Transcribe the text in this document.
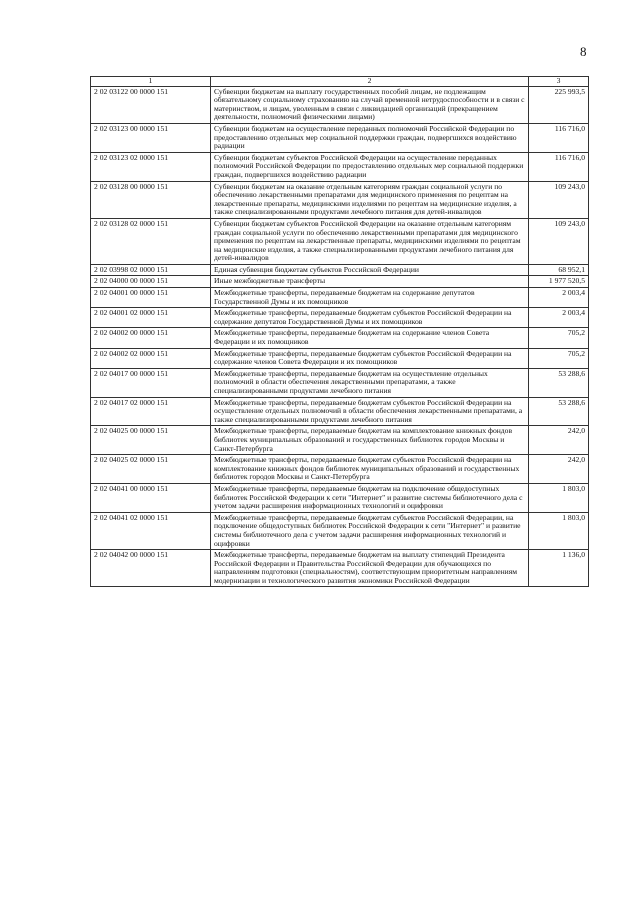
8
1	2	3
2 02 03122 00 0000 151	Субвенции бюджетам на выплату государственных пособий лицам, не подлежащим обязательному социальному страхованию на случай временной нетрудоспособности и в связи с материнством, и лицам, уволенным в связи с ликвидацией организаций (прекращением деятельности, полномочий физическими лицами)	225 993,5
2 02 03123 00 0000 151	Субвенции бюджетам на осуществление переданных полномочий Российской Федерации по предоставлению отдельных мер социальной поддержки граждан, подвергшихся воздействию радиации	116 716,0
2 02 03123 02 0000 151	Субвенции бюджетам субъектов Российской Федерации на осуществление переданных полномочий Российской Федерации по предоставлению отдельных мер социальной поддержки граждан, подвергшихся воздействию радиации	116 716,0
2 02 03128 00 0000 151	Субвенции бюджетам на оказание отдельным категориям граждан социальной услуги по обеспечению лекарственными препаратами для медицинского применения по рецептам на лекарственные препараты, медицинскими изделиями по рецептам на медицинские изделия, а также специализированными продуктами лечебного питания для детей-инвалидов	109 243,0
2 02 03128 02 0000 151	Субвенции бюджетам субъектов Российской Федерации на оказание отдельным категориям граждан социальной услуги по обеспечению лекарственными препаратами для медицинского применения по рецептам на лекарственные препараты, медицинскими изделиями по рецептам на медицинские изделия, а также специализированными продуктами лечебного питания для детей-инвалидов	109 243,0
2 02 03998 02 0000 151	Единая субвенция бюджетам субъектов Российской Федерации	68 952,1
2 02 04000 00 0000 151	Иные межбюджетные трансферты	1 977 520,5
2 02 04001 00 0000 151	Межбюджетные трансферты, передаваемые бюджетам на содержание депутатов Государственной Думы и их помощников	2 003,4
2 02 04001 02 0000 151	Межбюджетные трансферты, передаваемые бюджетам субъектов Российской Федерации на содержание депутатов Государственной Думы и их помощников	2 003,4
2 02 04002 00 0000 151	Межбюджетные трансферты, передаваемые бюджетам на содержание членов Совета Федерации и их помощников	705,2
2 02 04002 02 0000 151	Межбюджетные трансферты, передаваемые бюджетам субъектов Российской Федерации на содержание членов Совета Федерации и их помощников	705,2
2 02 04017 00 0000 151	Межбюджетные трансферты, передаваемые бюджетам на осуществление отдельных полномочий в области обеспечения лекарственными препаратами, а также специализированными продуктами лечебного питания	53 288,6
2 02 04017 02 0000 151	Межбюджетные трансферты, передаваемые бюджетам субъектов Российской Федерации на осуществление отдельных полномочий в области обеспечения лекарственными препаратами, а также специализированными продуктами лечебного питания	53 288,6
2 02 04025 00 0000 151	Межбюджетные трансферты, передаваемые бюджетам на комплектование книжных фондов библиотек муниципальных образований и государственных библиотек городов Москвы и Санкт-Петербурга	242,0
2 02 04025 02 0000 151	Межбюджетные трансферты, передаваемые бюджетам субъектов Российской Федерации на комплектование книжных фондов библиотек муниципальных образований и государственных библиотек городов Москвы и Санкт-Петербурга	242,0
2 02 04041 00 0000 151	Межбюджетные трансферты, передаваемые бюджетам на подключение общедоступных библиотек Российской Федерации к сети "Интернет" и развитие системы библиотечного дела с учетом задачи расширения информационных технологий и оцифровки	1 803,0
2 02 04041 02 0000 151	Межбюджетные трансферты, передаваемые бюджетам субъектов Российской Федерации, на подключение общедоступных библиотек Российской Федерации к сети "Интернет" и развитие системы библиотечного дела с учетом задачи расширения информационных технологий и оцифровки	1 803,0
2 02 04042 00 0000 151	Межбюджетные трансферты, передаваемые бюджетам на выплату стипендий Президента Российской Федерации и Правительства Российской Федерации для обучающихся по направлениям подготовки (специальностям), соответствующим приоритетным направлениям модернизации и технологического развития экономики Российской Федерации	1 136,0
